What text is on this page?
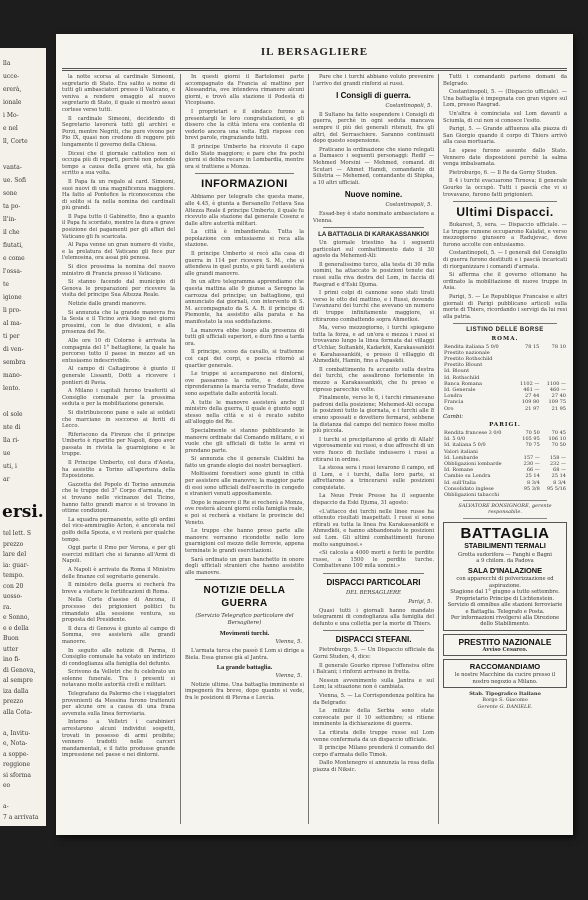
ersi.
lla
ucce-
ererà,
ionale
i Mo-
e nel
ll, Corte
vanta-
ue. Sofi
sone
ta po-
ll'in-
il che
fiutati,
e come
l'ossa-
te
igione
li pro-
al ma-
ti per
di ven-
sembra
mano-
lento.
ol sole
nte di
lla ri-
ue
uti, i
ar
tel lett. S
prezzo
lare del
ia: guar-
tempo.
con 20
uosso-
ra.
e Sonno,
e e della
Buon
utter
ino fi-
di Genova,
al sempre
iza dalla
prezzo
alla Cota-
a, Invitu-
e, Nota-
a soppe-
reggione
si sforma
eo
a-
7 a arrivata
IL BERSAGLIERE

la notte scorsa al cardinale Simeoni, segretario di Stato. Era salito a nome di tutti gli ambasciatori presso il Vaticano, e veniva a rendere omaggio al nuovo segretario di Stato, il quale si mostrò assai cortese verso tutti.

Il cardinale Simeoni, decidendo di Segretario lavorerà tutti gli archivi e Porzi, mentre Negriti, che pure vivono per Pio IX, quasi non credono di reggere più lungamente il governo della Chiesa.

Dicesi che il giornale cattolico non si occupa più di reparti, perchè non potendo tempo a causa della grave età, ha già scritto a sua volta.

Il Papa fa un regalo al card. Simeoni, suoi nuovi di una magnificenza maggiore. Ha fatto al Pontefice la riconoscenza che di solito si fa nella nomina dei cardinali più grandi.

Il Papa tutto il Gabinetto, fino a quanto il Papa fu scordato, mentre la dura e grave posizione dei pagamenti per gli affari del Vaticano gli fu scaricata.

Al Papa venne un gran numero di visite, e la prelatura del Vaticano gli fece pur l'elemosina, ora assai più penosa.

Si dice prossima la nomina del nuovo ministro di Francia presso il Vaticano.

Si stanno facendo dal municipio di Genova le preparazioni per ricevere la visita del principe Sua Altezza Reale.

Notizie dalle grandi manovre.

Si annunzia che la grande manovra fra la Sesia e il Ticino avrà luogo nei giorni prossimi, con le due divisioni, e alla presenza del Re.

Alle ore 10 di Colorno è arrivata la compagnia del 1° battaglione, la quale ha percorso tutto il paese in mezzo ad un entusiasmo indescrivibile.

Al campo di Caltagirone è giunto il generale Lissanti, Dotti a ricevere i pontieri di Pavia.

A Milano i capitali furono trasferiti al Consiglio comunale per la prossima seduta e per la mobilitazione generale.

Si distribuiscono pane e sale ai soldati che marciano in soccorso ai feriti di Lecco.

Riferiscono da Firenze che il principe Umberto è ripartito per Napoli, dopo aver passata in rivista la guarnigione e le truppe.

Il Principe Umberto, col duca d'Aosta, ha assistito a Torino all'apertura della Esposizione.

Gazzetta del Popolo di Torino annunzia che le truppe del 3° Corpo d'armata, che si trovano nelle vicinanze del Ticino, hanno fatto grandi marce e si trovano in ottime condizioni.

La squadra permanente, sotto gli ordini del vice-ammiraglio Acton, è ancorata nel golfo della Spezia, e vi resterà per qualche tempo.

Oggi parte il P.mo per Verona, e per gli esercizi militari che si faranno all'Armi di Napoli.

A Napoli è arrivato da Roma il Ministro delle finanze col segretario generale.

Il ministro della guerra si recherà fra breve a visitare le fortificazioni di Roma.

Nella Corte d'assise di Ancona, il processo dei prigionieri politici fu rimandato alla sessione ventura, su proposta del Presidente.

Il duca di Genova è giunto al campo di Somma, ove assisterà alle grandi manovre.

In seguito alle notizie di Parma, il Consiglio comunale ha votato un indirizzo di condoglianza alla famiglia del defunto.

Scrivono da Velletri che fu celebrato un solenne funerale. Tra i presenti si notavano molte autorità civili e militari.

Telegrafano da Palermo che i viaggiatori provenienti da Messina furono trattenuti per alcune ore a causa di una frana avvenuta sulla linea ferroviaria.

Intorno a Velletri i carabinieri arrestarono alcuni individui sospetti, trovati in possesso di armi proibite; vennero tradotti nelle carceri mandamentali, e il fatto produsse grande impressione nel paese e nei dintorni.

In questi giorni il Bartolomei parte accompagnato da Francia al mattino per Alessandria, ove intendeva rimanere alcuni giorni, e trovò alla stazione il Podestà di Vicopisano.

I proprietari e il sindaco furono a presentargli le loro congratulazioni, e gli dissero che la città intera era contenta di vederlo ancora una volta. Egli rispose con brevi parole, ringraziando tutti.

Il principe Umberto ha ricevuto il capo dello Stato maggiore; e pare che fra pochi giorni si debba recare in Lombardia, mentre ora si trattiene a Monza.

INFORMAZIONI

Abbiamo per telegrafo che questa mane, alle 4.45, è giunta a Bersanello l'ottava Sua Altezza Reale il principe Umberto, il quale fu ricevuto alla stazione dal generale Cosenz e dalle altre autorità militari.

La città è imbandierata. Tutta la popolazione con entusiasmo si reca alla stazione.

Il principe Umberto si recò alla casa di guerra in 114 per ricevere S. M., che si attendeva in quel punto, e più tardi assisterà alle grandi manovre.

In un altro telegramma apprendiamo che questa mattina alle 9 giunse a Seregno la carrozza del principe; un battaglione, qui annunciato dai giornali, con intervento di S. M. accompagnato da S. A. R. il principe di Piemonte, ha assistito alla parata e ha manifestato la sua soddisfazione.

La manovra ebbe luogo alla presenza di tutti gli ufficiali superiori, e durò fino a tarda ora.

Il principe, sceso da cavallo, si trattenne coi capi dei corpi, e poscia ritornò al quartier generale.

Le truppe si accamparono nei dintorni, ove passarono la notte, e domattina riprenderanno la marcia verso Tradate, dove sono aspettate dalle autorità locali.

A tutte le manovre assisterà anche il ministro della guerra, il quale è giunto oggi stesso nella città e si è recato subito all'alloggio del Re.

Specialmente si stanno pubblicando le manovre ordinate dal Comando militare, e si vuole che gli ufficiali di tutte le armi vi prendano parte.

Si annunzia che il generale Cialdini ha fatto un grande elogio dei nostri bersaglieri.

Moltissimi forestieri sono giunti in città per assistere alle manovre; la maggior parte di essi sono ufficiali dell'esercito in congedo e stranieri venuti appositamente.

Dopo le manovre il Re si recherà a Monza, ove resterà alcuni giorni colla famiglia reale, e poi si recherà a visitare le provincie del Veneto.

Le truppe che hanno preso parte alle manovre verranno ricondotte nelle loro guarnigioni col mezzo delle ferrovie, appena terminate le grandi esercitazioni.

Sarà ordinato un gran banchetto in onore degli ufficiali stranieri che hanno assistito alle manovre.

NOTIZIE DELLA GUERRA
(Servizio Telegrafico particolare del Bersagliere)
Movimenti turchi.
Vienna, 5.

L'armata turca che passò il Lom si dirige a Biela. Essa giunse già al Jantra.

La grande battaglia.
Vienna, 5.

Notizie ultime. Una battaglia imminente si impegnerà fra breve, dopo quanto si vede, fra le posizioni di Plevna e Lovcia.

Pare che i turchi abbiano voluto prevenire l'arrivo dei grandi rinforzi ai russi.

I Consigli di guerra.
Costantinopoli, 5.

Il Sultano ha fatto sospendere i Consigli di guerra, perchè in ogni seduta mancava sempre il più dei generali ritenuti, fra gli altri, del Serraschiere. Saranno continuati dopo questo sospensione.

Praticano la ordinazione che siano relegati a Damasco i seguenti personaggi: Redif — Mehmed Morsini — Mehmed, comand. di Scutari — Ahmet Hamdi, comandante di Silistria — Mehemed, comandante di Shipka, a 10 altri ufficiali.

Nuove nomine.
Costantinopoli, 5.

Essad-bey è stato nominato ambasciatore a Vienna.

LA BATTAGLIA DI KARAKASSANKIOI

Un giornale triestino ha i seguenti particolari sul combattimento dato il 30 agosto da Mehemed-Ali:

Il generalissimo turco, alla testa di 30 mila uomini, ha attaccato le posizioni tenute dai russi sulla riva destra del Lom, in faccia di Rasgrad e d'Eski Djuma.

I primi colpi di cannone sono stati tirati verso le otto del mattino, e i Russi, dovendo l'avanzarsi dei turchi che avevano un numero di truppe infinitamente maggiore, si ritirarono combattendo sopra Ahmetkoi.

Ma, verso mezzogiorno, i turchi spiegano tutta la forza, e ad un'ora e mezza i russi si trovavano lungo la linea formata dai villaggi d'Uchlar, Sultanköi, Kadarköi, Karakassankiöi e Karahassankiöi, e presso il villaggio di Ahmedköi, Hamin, fino a Papasköi.

Il combattimento fu accanito sulla destra dei turchi, che assalirono fortemente in mezzo a Karakassankiöi, che fu preso e ripreso parecchie volte.

Finalmente, verso le 6, i turchi rimanevano padroni della posizione; Mehemed-Ali occupa le posizioni tutto la giornata, e i turchi alle 8 erano spossati e dovettero fermarsi, sebbene la distanza dal campo del nemico fosse molto più piccola.

I turchi si precipitarono al grido di Allah! vigorosamente sui russi, e due affreschi di un vero fuoco di fucilate indussero i russi a ritirarsi in ordine.

La stessa sera i russi levarono il campo, ed il Lom, e i turchi, dalla loro parte, si affrettarono a trincerarsi sulle posizioni conquistate.

La Neue Freie Presse ha il seguente dispaccio da Eski Djuma, 31 agosto:

«L'attacco dei turchi nelle linee russe ha ottenuto risultati inaspettati. I russi si sono ritirati su tutta la linea fra Karakassankiöi e Ahmedköi, e hanno abbandonato le posizioni sul Lom. Gli ultimi combattimenti furono molto sanguinosi.»

«Si calcola a 4000 morti e feriti le perdite russe, a 1500 le perdite turche. Combattevano 100 mila uomini.»

DISPACCI PARTICOLARI
DEL BERSAGLIERE
Parigi, 5.

Quasi tutti i giornali hanno mandato telegrammi di condoglianza alla famiglia del defunto e una colletta per la morte di Thiers.

DISPACCI STEFANI.

Pietroburgo, 5. — Un Dispaccio ufficiale da Gorni Studen, 4, dice:

Il generale Gourko riprese l'offensiva oltre i Balcani; i rinforzi arrivano in fretta.

Nessun avvenimento sulla Jantra e sul Lom; la situazione non è cambiata.

Vienna, 5. — La Corrispondenza politica ha da Belgrado:

Le milizie della Serbia sono state convocate per il 10 settembre; si ritiene imminente la dichiarazione di guerra.

La ritirata delle truppe russe sul Lom venne confermata da un dispaccio ufficiale.

Il principe Milano prenderà il comando del corpo d'armata dello Timok.

Dallo Montenegro si annunzia la resa della piazza di Niksic.

Tutti i comandanti parteno domani da Belgrado.

Costantinopoli, 5. — (Dispaccio ufficiale). — Una battaglia è impegnata con gran vigore sul Lom, presso Rasgrad.

Un'altra è cominciata sul Lom davanti a Sciumla, di cui non si conosce l'esito.

Parigi, 5. — Grande affluenza alla piazza di San Giorgio quando il corpo di Thiers arrivò alla casa mortuaria.

Le spese furono assunte dallo Stato. Vennero date disposizioni perchè la salma venga imbalsamata.

Pietroburgo, 6. — Il Re da Gorny Studen.

Il 4 i turchi evacuarono Tirnova; il generale Gourko la occupò. Tutti i pascià che vi si trovavano, furono fatti prigionieri.

Ultimi Dispacci.

Bukarest, 5, sera. — Dispaccio ufficiale. — Le truppe rumene occuparono Kalafat, e verso mezzogiorno giunsero a Radujevac, dove furono accolte con entusiasmo.

Costantinopoli, 5. — I generali del Consiglio di guerra furono destituiti e i pascià incaricati di riorganizzare i comandi d'armata.

Si afferma che il governo ottomano ha ordinato la mobilitazione di nuove truppe in Asia.

Parigi, 5. — Le Republique Francaise e altri giornali di Parigi pubblicano articoli sulla morte di Thiers, ricordando i servigi da lui resi alla patria.

LISTINO DELLE BORSE
ROMA.
Rendita italiana 5 0/0	78 15	78 10
Prestito nazionale		
Prestito Rothschild		
Prestito Blount		
Id. Blount		
Id. Rothschild		
Banca Romana	1102 —	1100 —
Id. Generale	461 —	460 —
Londra	27 44	27 40
Francia	109 80	109 75
Oro	21 97	21 95
Cambi:
PARIGI.
Rendita francese 3 0/0	70 50	70 45
Id. 5 0/0	105 95	106 10
Id. italiana 5 0/0	70 75	70 50
Valori italiani		
Id. Lombarde	157 —	158 —
Obbligazioni lombarde	230 —	232 —
Id. Romane	66 —	68 —
Cambio su Londra	25 14	25 14
Id. sull'Italia	8 3/4	8 3/4
Consolidato inglese	95 3/8	95 5/16
Obbligazioni tabacchi		
SALVATORE BONSIGNORE, gerente responsabile.
BATTAGLIA
STABILIMENTI TERMALI
Grotta sudorifera — Fanghi e Bagni
a 9 chilom. da Padova
SALA D'INALAZIONE
con apparecchi di polverizzazione ed aspirazione.
Stagione dal 1° giugno a tutto settembre. Proprietario Principe di Lichtenstein.
Servizio di omnibus alle stazioni ferroviarie e Battaglia. Telegrafo e Posta.
Per informazioni rivolgersi alla Direzione dello Stabilimento.
PRESTITO NAZIONALE
Avviso Cesareo.
RACCOMANDIAMO
le nostre Macchine da cucire presso il nostro negozio a Milano.
Stab. Tipografico Italiano
Borgo S. Giacomo
Gerente G. DANIELE.
